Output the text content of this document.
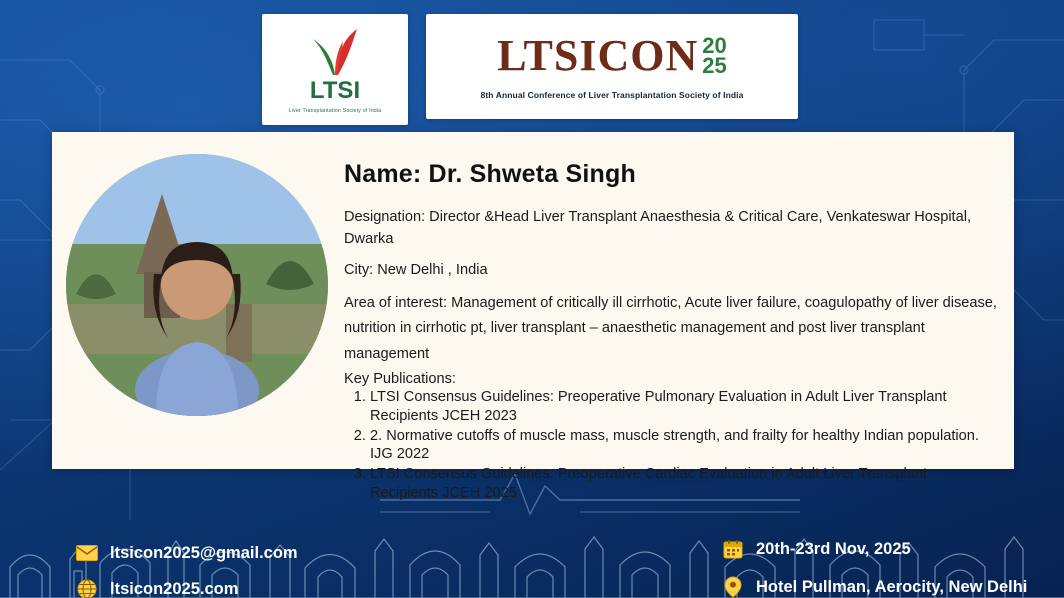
LTSI
Liver Transplantation Society of India
LTSICON 20
25
8th Annual Conference of Liver Transplantation Society of India
Name: Dr. Shweta Singh
Designation: Director &Head Liver Transplant Anaesthesia & Critical Care, Venkateswar Hospital, Dwarka
City: New Delhi , India
Area of interest: Management of critically ill cirrhotic, Acute liver failure, coagulopathy of liver disease, nutrition in cirrhotic pt, liver transplant – anaesthetic management and post liver transplant management
Key Publications:
1. LTSI Consensus Guidelines: Preoperative Pulmonary Evaluation in Adult Liver Transplant Recipients JCEH 2023
2. 2. Normative cutoffs of muscle mass, muscle strength, and frailty for healthy Indian population. IJG 2022
3. LTSI Consensus Guidelines: Preoperative Cardiac Evaluation in Adult Liver Transplant Recipients JCEH 2025
ltsicon2025@gmail.com
ltsicon2025.com
20th-23rd Nov, 2025
Hotel Pullman, Aerocity, New Delhi
